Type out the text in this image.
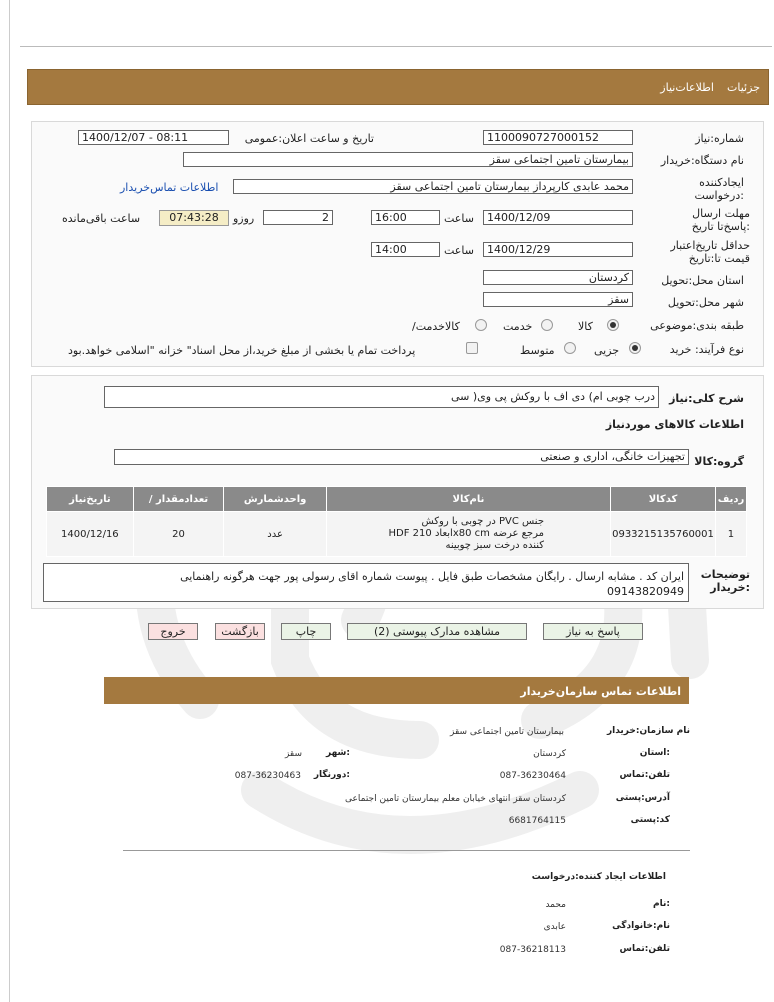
جزئیات
اطلاعات‌نیاز
شماره:نیاز
1100090727000152
تاریخ و ساعت اعلان:عمومی
1400/12/07 - 08:11
نام دستگاه:خریدار
بیمارستان تامین اجتماعی سقز
ایجادکننده درخواست:
محمد عابدی کارپرداز بیمارستان تامین اجتماعی سقز
اطلاعات تماس‌خریدار
مهلت ارسال :پاسخ‌تا تاریخ
1400/12/09
ساعت
16:00
2
روزو
07:43:28
ساعت باقی‌مانده
حداقل تاریخ‌اعتبار قیمت تا:تاریخ
1400/12/29
ساعت
14:00
استان محل:تحویل
کردستان
شهر محل:تحویل
سقز
طبقه بندی:موضوعی
کالا
خدمت
/کالاخدمت
نوع فرآیند: خرید
جزیی
متوسط
پرداخت تمام یا بخشی از مبلغ خرید،از محل اسناد" خزانه "اسلامی خواهد.بود
شرح کلی:نیاز
درب چوبی ام) دی اف با روکش پی وی( سی
اطلاعات کالاهای موردنیاز
گروه:کالا
تجهیزات خانگی، اداری و صنعتی
تاریخ‌نیاز	/ تعدادمقدار	واحدشمارش	نام‌کالا	کدکالا	ردیف
1400/12/16	20	عدد	در چوبی با روکش PVC جنس
HDF ابعاد 210x80 cm مرجع عرضه
کننده درخت سبز چوبینه	0933215135760001	1
توضیحات :خریدار
ایران کد . مشابه ارسال . رایگان مشخصات طبق فایل . پیوست شماره اقای رسولی پور جهت هرگونه راهنمایی
09143820949
پاسخ به نیاز
مشاهده مدارک پیوستی (2)
چاپ
بازگشت
خروج
اطلاعات تماس سازمان‌خریدار
نام سازمان:خریدار
بیمارستان تامین اجتماعی سقز
استان:
کردستان
شهر:
سقز
تلفن:تماس
087-36230464
دورنگار:
087-36230463
آدرس:پستی
کردستان سقز انتهای خیابان معلم بیمارستان تامین اجتماعی
کد:پستی
6681764115
اطلاعات ایجاد کننده:درخواست
نام:
محمد
نام:خانوادگی
عابدی
تلفن:تماس
087-36218113
